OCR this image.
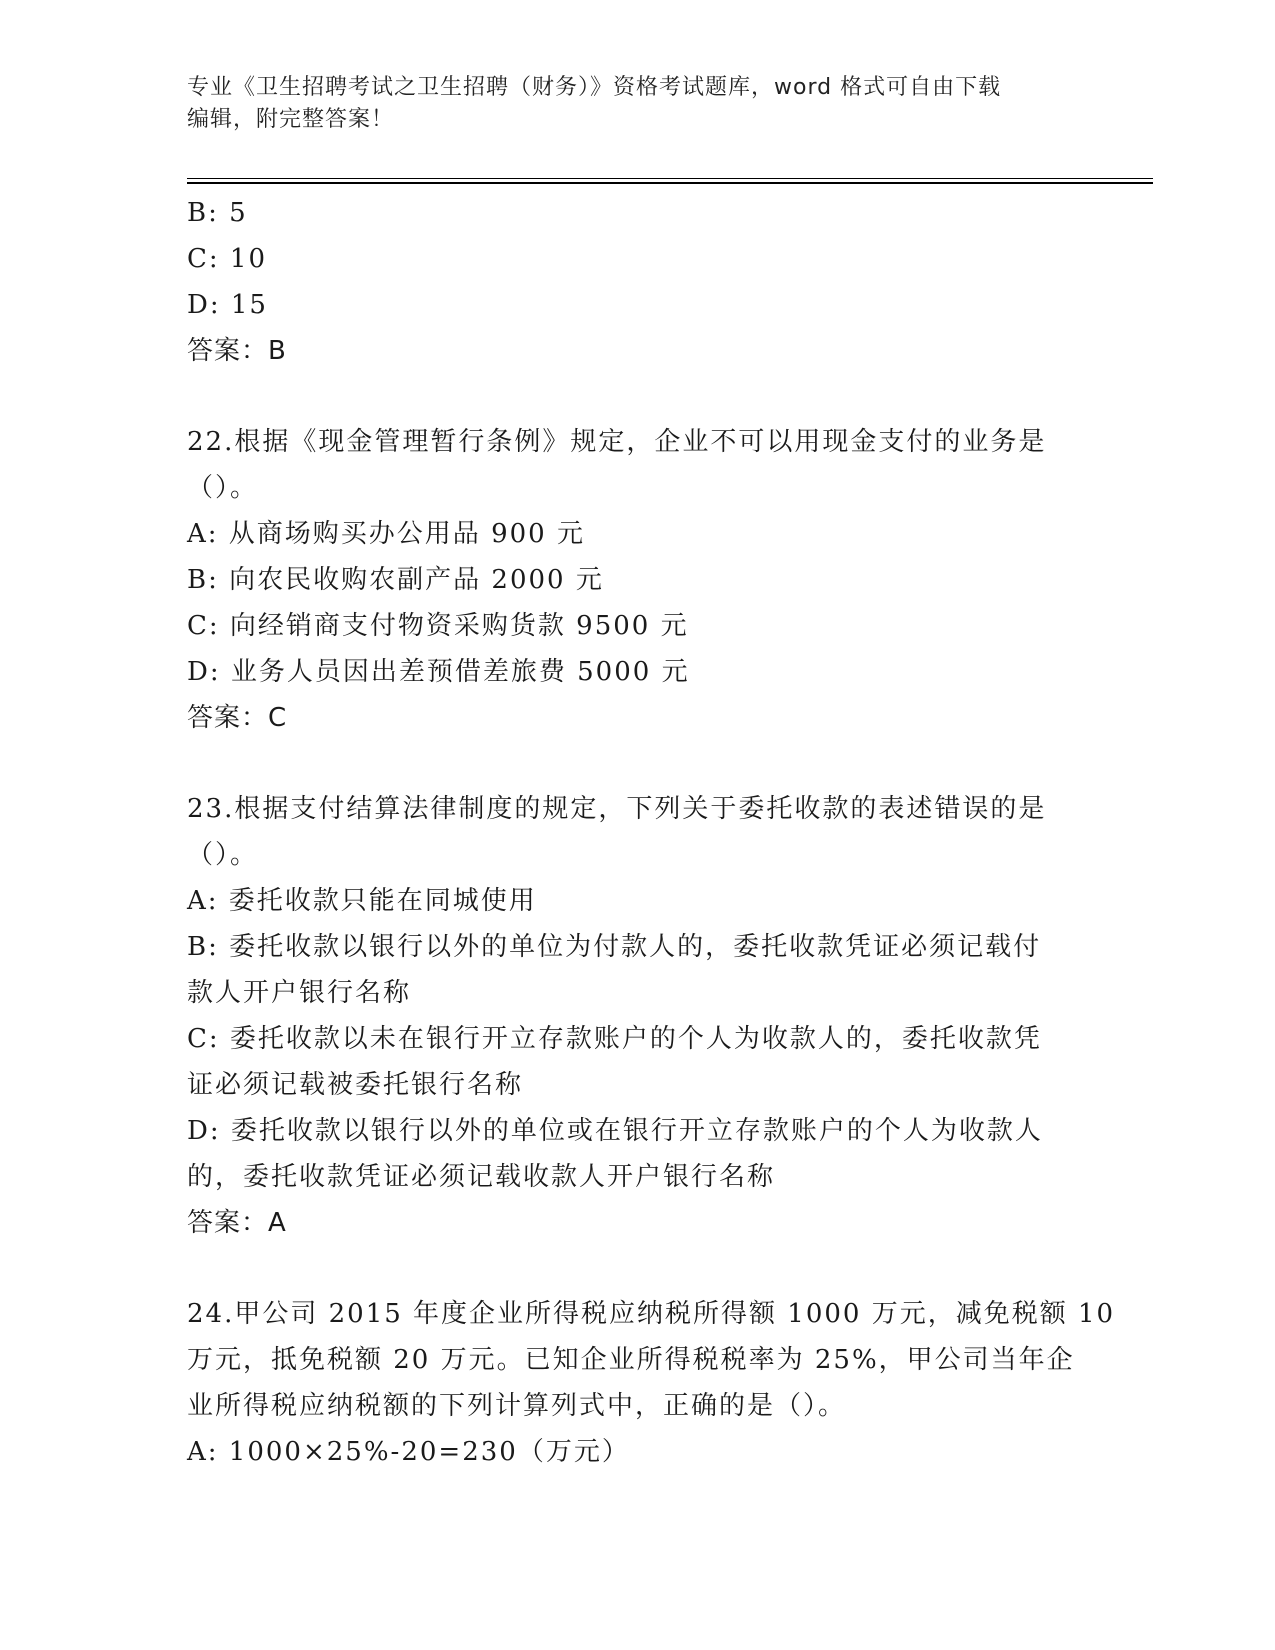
专业《卫生招聘考试之卫生招聘（财务）》资格考试题库，word 格式可自由下载
编辑，附完整答案！
B: 5
C: 10
D: 15
答案：B
22.根据《现金管理暂行条例》规定，企业不可以用现金支付的业务是
（）。
A: 从商场购买办公用品 900 元
B: 向农民收购农副产品 2000 元
C: 向经销商支付物资采购货款 9500 元
D: 业务人员因出差预借差旅费 5000 元
答案：C
23.根据支付结算法律制度的规定，下列关于委托收款的表述错误的是
（）。
A: 委托收款只能在同城使用
B: 委托收款以银行以外的单位为付款人的，委托收款凭证必须记载付
款人开户银行名称
C: 委托收款以未在银行开立存款账户的个人为收款人的，委托收款凭
证必须记载被委托银行名称
D: 委托收款以银行以外的单位或在银行开立存款账户的个人为收款人
的，委托收款凭证必须记载收款人开户银行名称
答案：A
24.甲公司 2015 年度企业所得税应纳税所得额 1000 万元，减免税额 10
万元，抵免税额 20 万元。已知企业所得税税率为 25%，甲公司当年企
业所得税应纳税额的下列计算列式中，正确的是（）。
A: 1000×25%-20=230（万元）
